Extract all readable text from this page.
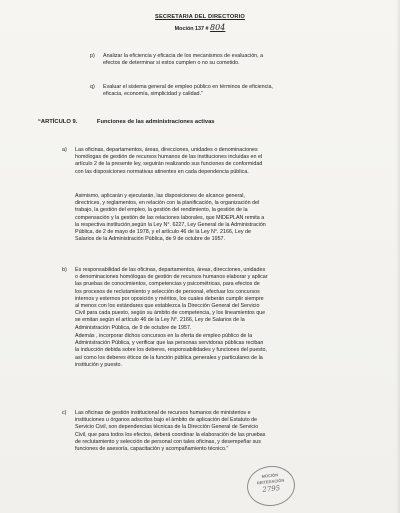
SECRETARIA DEL DIRECTORIO
Moción 137 # 804
p) Analizar la eficiencia y eficacia de los mecanismos de evaluación, a
efectos de determinar si estos cumplen o no su cometido.
q) Evaluar el sistema general de empleo público en términos de eficiencia,
eficacia, economía, simplicidad y calidad.”
“ARTÍCULO 9.	Funciones de las administraciones activas
a) Las oficinas, departamentos, áreas, direcciones, unidades o denominaciones
homólogas de gestión de recursos humanos de las instituciones incluidas en el
artículo 2 de la presente ley, seguirán realizando sus funciones de conformidad
con las disposiciones normativas atinentes en cada dependencia pública.
Asimismo, aplicarán y ejecutarán, las disposiciones de alcance general,
directrices, y reglamentos, en relación con la planificación, la organización del
trabajo, la gestión del empleo, la gestión del rendimiento, la gestión de la
compensación y la gestión de las relaciones laborales, que MIDEPLAN remita a
la respectiva institución,según la Ley N°. 6227, Ley General de la Administración
Pública, de 2 de mayo de 1978, y el artículo 46 de la Ley N°. 2166, Ley de
Salarios de la Administración Pública, de 9 de octubre de 1957.
b) Es responsabilidad de las oficinas, departamentos, áreas, direcciones, unidades
o denominaciones homólogas de gestión de recursos humanos elaborar y aplicar
las pruebas de conocimientos, competencias y psicométricas, para efectos de
los procesos de reclutamiento y selección de personal, efectuar los concursos
internos y externos por oposición y méritos, los cuales deberán cumplir siempre
al menos con los estándares que establezca la Dirección General del Servicio
Civil para cada puesto, según su ámbito de competencia, y los lineamientos que
se emitan según el artículo 46 de la Ley N°. 2166, Ley de Salarios de la
Administración Pública, de 9 de octubre de 1957.
Además , incorporar dichos concursos en la oferta de empleo público de la
Administración Pública, y verificar que las personas servidoras públicas reciban
la inducción debida sobre los deberes, responsabilidades y funciones del puesto,
así como los deberes éticos de la función pública generales y particulares de la
institución y puesto.
c) Las oficinas de gestión institucional de recursos humanos de ministerios e
instituciones u órganos adscritos bajo el ámbito de aplicación del Estatuto de
Servicio Civil, son dependencias técnicas de la Dirección General de Servicio
Civil, que para todos los efectos, deberá coordinar la elaboración de las pruebas
de reclutamiento y selección de personal con tales oficinas, y desempeñar sus
funciones de asesoría, capacitación y acompañamiento técnico.”
MOCIÓN
REITERACIÓN
2795
